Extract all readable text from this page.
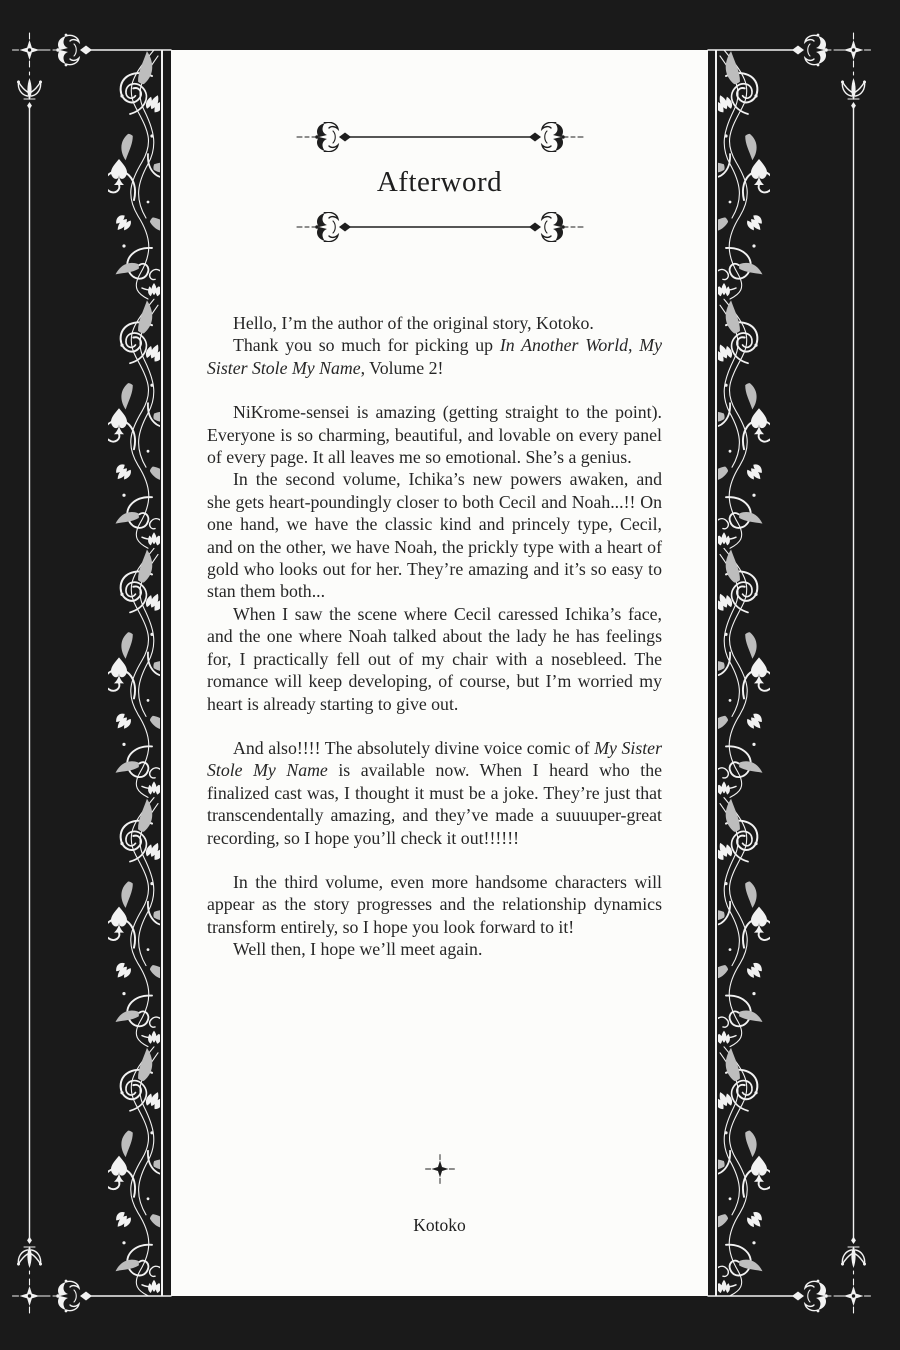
Afterword

Hello, I’m the author of the original story, Kotoko.

Thank you so much for picking up In Another World, My Sister Stole My Name, Volume 2!

NiKrome-sensei is amazing (getting straight to the point). Everyone is so charming, beautiful, and lovable on every panel of every page. It all leaves me so emotional. She’s a genius.

In the second volume, Ichika’s new powers awaken, and she gets heart-poundingly closer to both Cecil and Noah...!! On one hand, we have the classic kind and princely type, Cecil, and on the other, we have Noah, the prickly type with a heart of gold who looks out for her. They’re amazing and it’s so easy to stan them both...

When I saw the scene where Cecil caressed Ichika’s face, and the one where Noah talked about the lady he has feelings for, I practically fell out of my chair with a nosebleed. The romance will keep developing, of course, but I’m worried my heart is already starting to give out.

And also!!!! The absolutely divine voice comic of My Sister Stole My Name is available now. When I heard who the finalized cast was, I thought it must be a joke. They’re just that transcendentally amazing, and they’ve made a suuuuper-great recording, so I hope you’ll check it out!!!!!!

In the third volume, even more handsome characters will appear as the story progresses and the relationship dynamics transform entirely, so I hope you look forward to it!

Well then, I hope we’ll meet again.

Kotoko
